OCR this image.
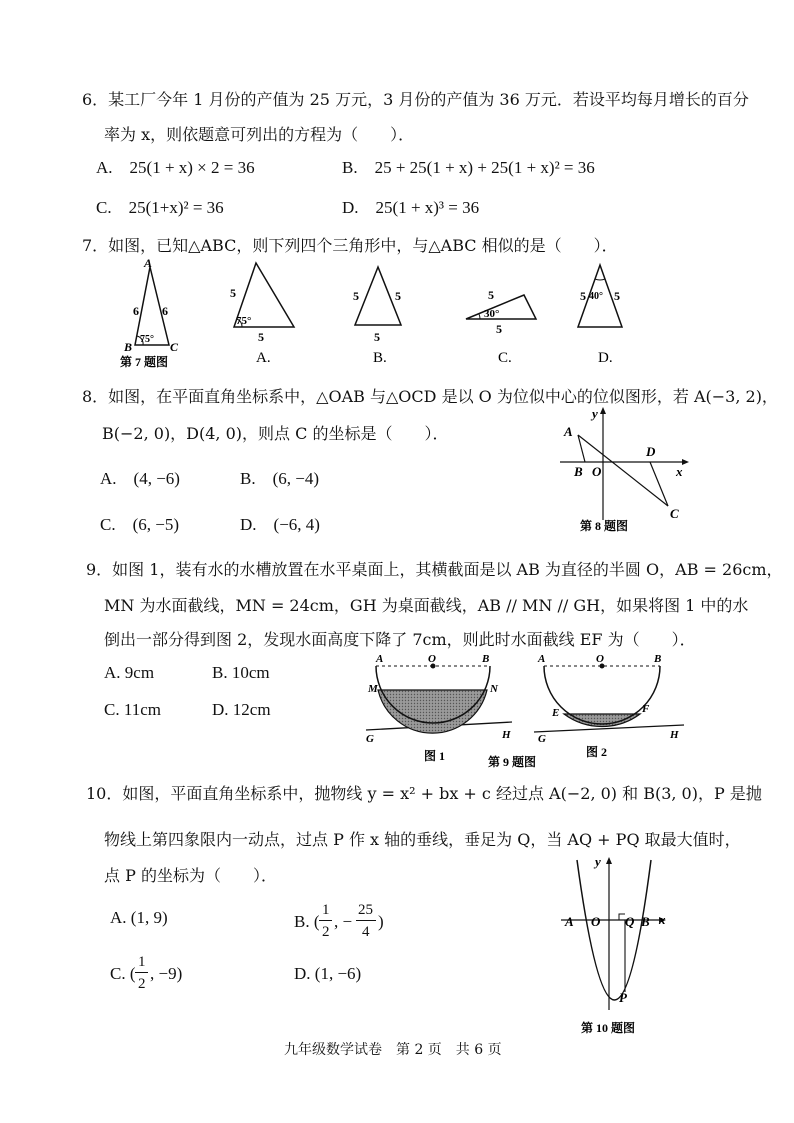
6．某工厂今年 1 月份的产值为 25 万元，3 月份的产值为 36 万元．若设平均每月增长的百分
率为 x，则依题意可列出的方程为（　　）．
A.　25(1 + x) × 2 = 36	B.　25 + 25(1 + x) + 25(1 + x)² = 36
C.　25(1+x)² = 36	D.　25(1 + x)³ = 36
7．如图，已知△ABC，则下列四个三角形中，与△ABC 相似的是（　　）．
A
B	C
6 6
75°
第 7 题图
5
5
75°
A.
5	5
5
B.
5
5
30°
C.
5 5
40°
D.
8．如图，在平面直角坐标系中，△OAB 与△OCD 是以 O 为位似中心的位似图形，若 A(−3, 2)，
B(−2, 0)，D(4, 0)，则点 C 的坐标是（　　）．
A.　(4, −6)	B.　(6, −4)
C.　(6, −5)	D.　(−6, 4)
y
x
A
B O
D
C
第 8 题图
9．如图 1，装有水的水槽放置在水平桌面上，其横截面是以 AB 为直径的半圆 O，AB = 26cm，
MN 为水面截线，MN = 24cm，GH 为桌面截线，AB // MN // GH，如果将图 1 中的水
倒出一部分得到图 2，发现水面高度下降了 7cm，则此时水面截线 EF 为（　　）．
A. 9cm	B. 10cm
C. 11cm	D. 12cm
A	O	B
M	N
G	H
图 1
A	O	B
E	F
G	H
图 2
第 9 题图
10．如图，平面直角坐标系中，抛物线 y = x² + bx + c 经过点 A(−2, 0) 和 B(3, 0)，P 是抛
物线上第四象限内一动点，过点 P 作 x 轴的垂线，垂足为 Q，当 AQ + PQ 取最大值时，
点 P 的坐标为（　　）．
A. (1, 9)	B. (
1
2
, −
25
4
)
C. (
1
2
, −9)	D. (1, −6)
y
x
A O Q B
P
第 10 题图
九年级数学试卷　第 2 页　共 6 页
